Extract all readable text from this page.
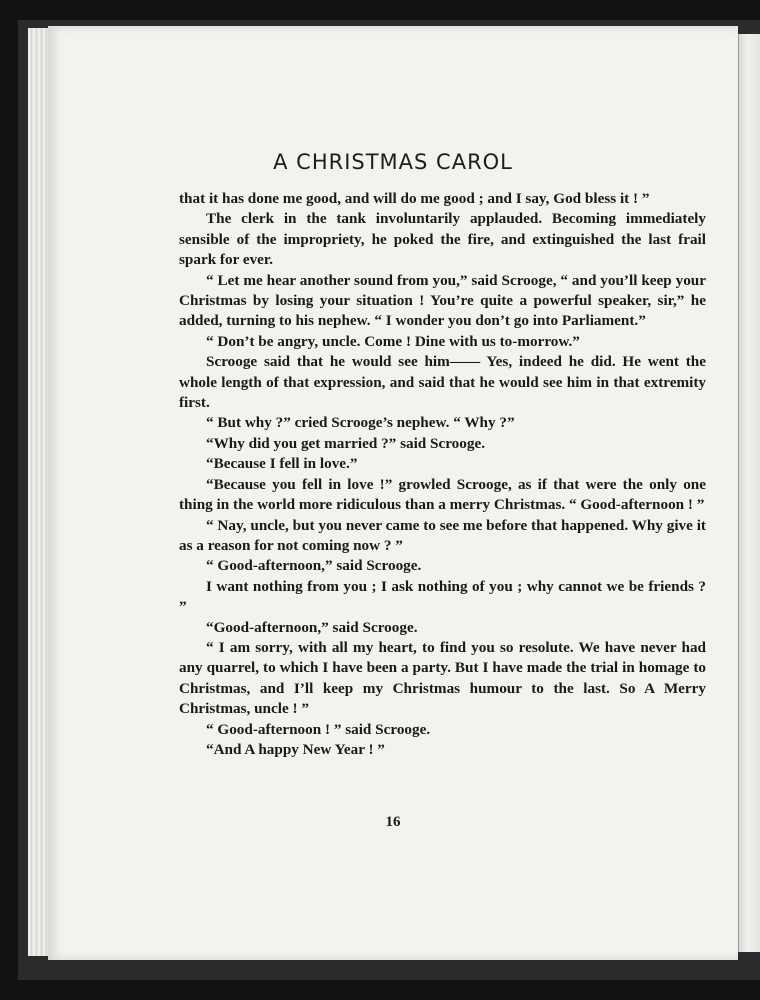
A CHRISTMAS CAROL

that it has done me good, and will do me good ; and I say, God bless it ! ”

The clerk in the tank involuntarily applauded. Becoming immediately sensible of the impropriety, he poked the fire, and extinguished the last frail spark for ever.

“ Let me hear another sound from you,” said Scrooge, “ and you’ll keep your Christmas by losing your situation ! You’re quite a powerful speaker, sir,” he added, turning to his nephew. “ I wonder you don’t go into Parliament.”

“ Don’t be angry, uncle. Come ! Dine with us to-morrow.”

Scrooge said that he would see him—— Yes, indeed he did. He went the whole length of that expression, and said that he would see him in that extremity first.

“ But why ?” cried Scrooge’s nephew. “ Why ?”

“Why did you get married ?” said Scrooge.

“Because I fell in love.”

“Because you fell in love !” growled Scrooge, as if that were the only one thing in the world more ridiculous than a merry Christmas. “ Good-afternoon ! ”

“ Nay, uncle, but you never came to see me before that happened. Why give it as a reason for not coming now ? ”

“ Good-afternoon,” said Scrooge.

I want nothing from you ; I ask nothing of you ; why cannot we be friends ? ”

“Good-afternoon,” said Scrooge.

“ I am sorry, with all my heart, to find you so resolute. We have never had any quarrel, to which I have been a party. But I have made the trial in homage to Christmas, and I’ll keep my Christmas humour to the last. So A Merry Christmas, uncle ! ”

“ Good-afternoon ! ” said Scrooge.

“And A happy New Year ! ”

16
